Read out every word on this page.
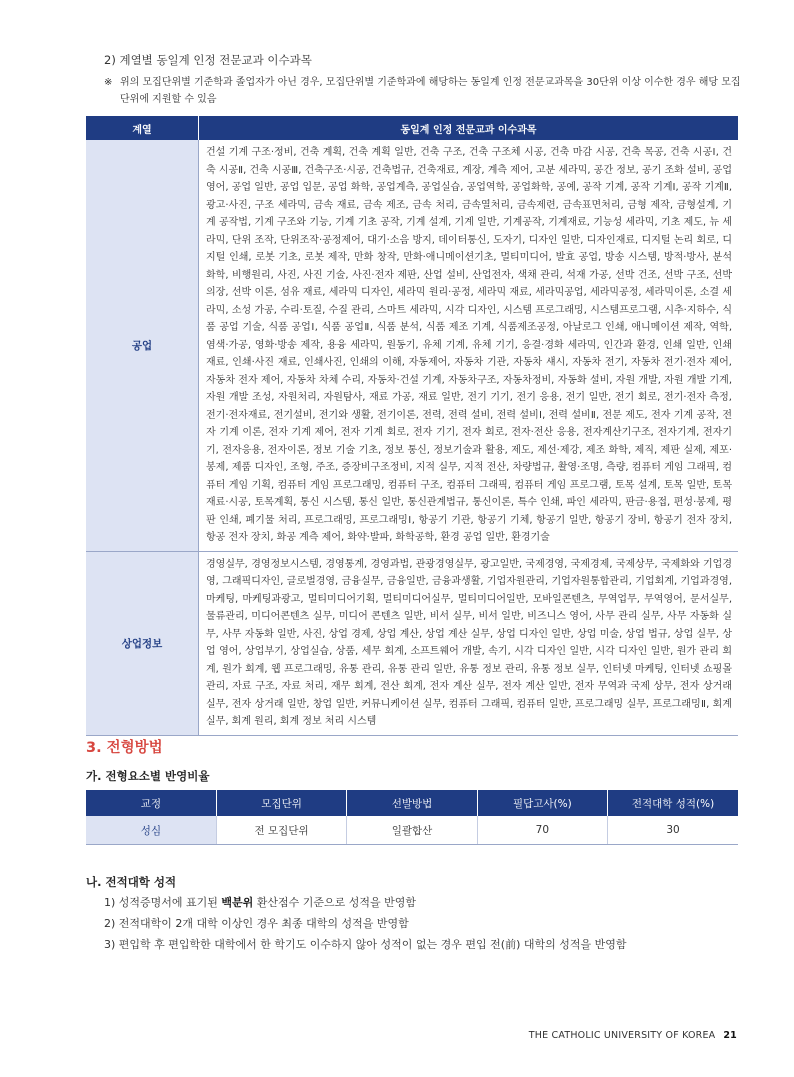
2) 계열별 동일계 인정 전문교과 이수과목
※ 위의 모집단위별 기준학과 졸업자가 아닌 경우, 모집단위별 기준학과에 해당하는 동일계 인정 전문교과목을 30단위 이상 이수한 경우 해당 모집단위에 지원할 수 있음
계열	동일계 인정 전문교과 이수과목
공업	건설 기계 구조·정비, 건축 계획, 건축 계획 일반, 건축 구조, 건축 구조체 시공, 건축 마감 시공, 건축 목공, 건축 시공Ⅰ, 건축 시공Ⅱ, 건축 시공Ⅲ, 건축구조·시공, 건축법규, 건축재료, 계장, 계측 제어, 고분 세라믹, 공간 정보, 공기 조화 설비, 공업 영어, 공업 일반, 공업 입문, 공업 화학, 공업계측, 공업실습, 공업역학, 공업화학, 공예, 공작 기계, 공작 기계Ⅰ, 공작 기계Ⅱ, 광고·사진, 구조 세라믹, 금속 재료, 금속 제조, 금속 처리, 금속열처리, 금속제련, 금속표면처리, 금형 제작, 금형설계, 기계 공작법, 기계 구조와 기능, 기계 기초 공작, 기계 설계, 기계 일반, 기계공작, 기계재료, 기능성 세라믹, 기초 제도, 뉴 세라믹, 단위 조작, 단위조작·공정제어, 대기·소음 방지, 데이터통신, 도자기, 디자인 일반, 디자인재료, 디지털 논리 회로, 디지털 인쇄, 로봇 기초, 로봇 제작, 만화 창작, 만화·애니메이션기초, 멀티미디어, 발효 공업, 방송 시스템, 방적·방사, 분석 화학, 비행원리, 사진, 사진 기술, 사진·전자 제판, 산업 설비, 산업전자, 색채 관리, 석재 가공, 선박 건조, 선박 구조, 선박 의장, 선박 이론, 섬유 재료, 세라믹 디자인, 세라믹 원리·공정, 세라믹 재료, 세라믹공업, 세라믹공정, 세라믹이론, 소결 세라믹, 소성 가공, 수리·토질, 수질 관리, 스마트 세라믹, 시각 디자인, 시스템 프로그래밍, 시스템프로그램, 시추·지하수, 식품 공업 기술, 식품 공업Ⅰ, 식품 공업Ⅱ, 식품 분석, 식품 제조 기계, 식품제조공정, 아날로그 인쇄, 애니메이션 제작, 역학, 염색·가공, 영화·방송 제작, 용융 세라믹, 원동기, 유체 기계, 유체 기기, 응결·경화 세라믹, 인간과 환경, 인쇄 일반, 인쇄 재료, 인쇄·사진 재료, 인쇄사진, 인쇄의 이해, 자동제어, 자동차 기관, 자동차 섀시, 자동차 전기, 자동차 전기·전자 제어, 자동차 전자 제어, 자동차 차체 수리, 자동차·건설 기계, 자동차구조, 자동차정비, 자동화 설비, 자원 개발, 자원 개발 기계, 자원 개발 조성, 자원처리, 자원탐사, 재료 가공, 재료 일반, 전기 기기, 전기 응용, 전기 일반, 전기 회로, 전기·전자 측정, 전기·전자재료, 전기설비, 전기와 생활, 전기이론, 전력, 전력 설비, 전력 설비Ⅰ, 전력 설비Ⅱ, 전문 제도, 전자 기계 공작, 전자 기계 이론, 전자 기계 제어, 전자 기계 회로, 전자 기기, 전자 회로, 전자·전산 응용, 전자계산기구조, 전자기계, 전자기기, 전자응용, 전자이론, 정보 기술 기초, 정보 통신, 정보기술과 활용, 제도, 제선·제강, 제조 화학, 제직, 제판 실제, 제포·봉제, 제품 디자인, 조형, 주조, 증장비구조정비, 지적 실무, 지적 전산, 차량법규, 촬영·조명, 측량, 컴퓨터 게임 그래픽, 컴퓨터 게임 기획, 컴퓨터 게임 프로그래밍, 컴퓨터 구조, 컴퓨터 그래픽, 컴퓨터 게임 프로그램, 토목 설계, 토목 일반, 토목 재료·시공, 토목계획, 통신 시스템, 통신 일반, 통신관계법규, 통신이론, 특수 인쇄, 파인 세라믹, 판금·용접, 편성·봉제, 평판 인쇄, 폐기물 처리, 프로그래밍, 프로그래밍Ⅰ, 항공기 기관, 항공기 기체, 항공기 일반, 항공기 장비, 항공기 전자 장치, 항공 전자 장치, 화공 계측 제어, 화약·발파, 화학공학, 환경 공업 일반, 환경기술
상업정보	경영실무, 경영정보시스템, 경영통계, 경영과법, 관광경영실무, 광고일반, 국제경영, 국제경제, 국제상무, 국제화와 기업경영, 그래픽디자인, 글로벌경영, 금융실무, 금융일반, 금융과생활, 기업자원관리, 기업자원통합관리, 기업회계, 기업과경영, 마케팅, 마케팅과광고, 멀티미디어기획, 멀티미디어실무, 멀티미디어일반, 모바일콘텐츠, 무역업무, 무역영어, 문서실무, 물류관리, 미디어콘텐츠 실무, 미디어 콘텐츠 일반, 비서 실무, 비서 일반, 비즈니스 영어, 사무 관리 실무, 사무 자동화 실무, 사무 자동화 일반, 사진, 상업 경제, 상업 계산, 상업 계산 실무, 상업 디자인 일반, 상업 미술, 상업 법규, 상업 실무, 상업 영어, 상업부기, 상업실습, 상품, 세무 회계, 소프트웨어 개발, 속기, 시각 디자인 일반, 시각 디자인 일반, 원가 관리 회계, 원가 회계, 웹 프로그래밍, 유통 관리, 유통 관리 일반, 유통 정보 관리, 유통 정보 실무, 인터넷 마케팅, 인터넷 쇼핑몰 관리, 자료 구조, 자료 처리, 재무 회계, 전산 회계, 전자 계산 실무, 전자 계산 일반, 전자 무역과 국제 상무, 전자 상거래 실무, 전자 상거래 일반, 창업 일반, 커뮤니케이션 실무, 컴퓨터 그래픽, 컴퓨터 일반, 프로그래밍 실무, 프로그래밍Ⅱ, 회계 실무, 회계 원리, 회계 정보 처리 시스템
3. 전형방법
가. 전형요소별 반영비율
교정	모집단위	선발방법	필답고사(%)	전적대학 성적(%)
성심	전 모집단위	일괄합산	70	30
나. 전적대학 성적
1) 성적증명서에 표기된 백분위 환산점수 기준으로 성적을 반영함
2) 전적대학이 2개 대학 이상인 경우 최종 대학의 성적을 반영함
3) 편입학 후 편입학한 대학에서 한 학기도 이수하지 않아 성적이 없는 경우 편입 전(前) 대학의 성적을 반영함
THE CATHOLIC UNIVERSITY OF KOREA 21
